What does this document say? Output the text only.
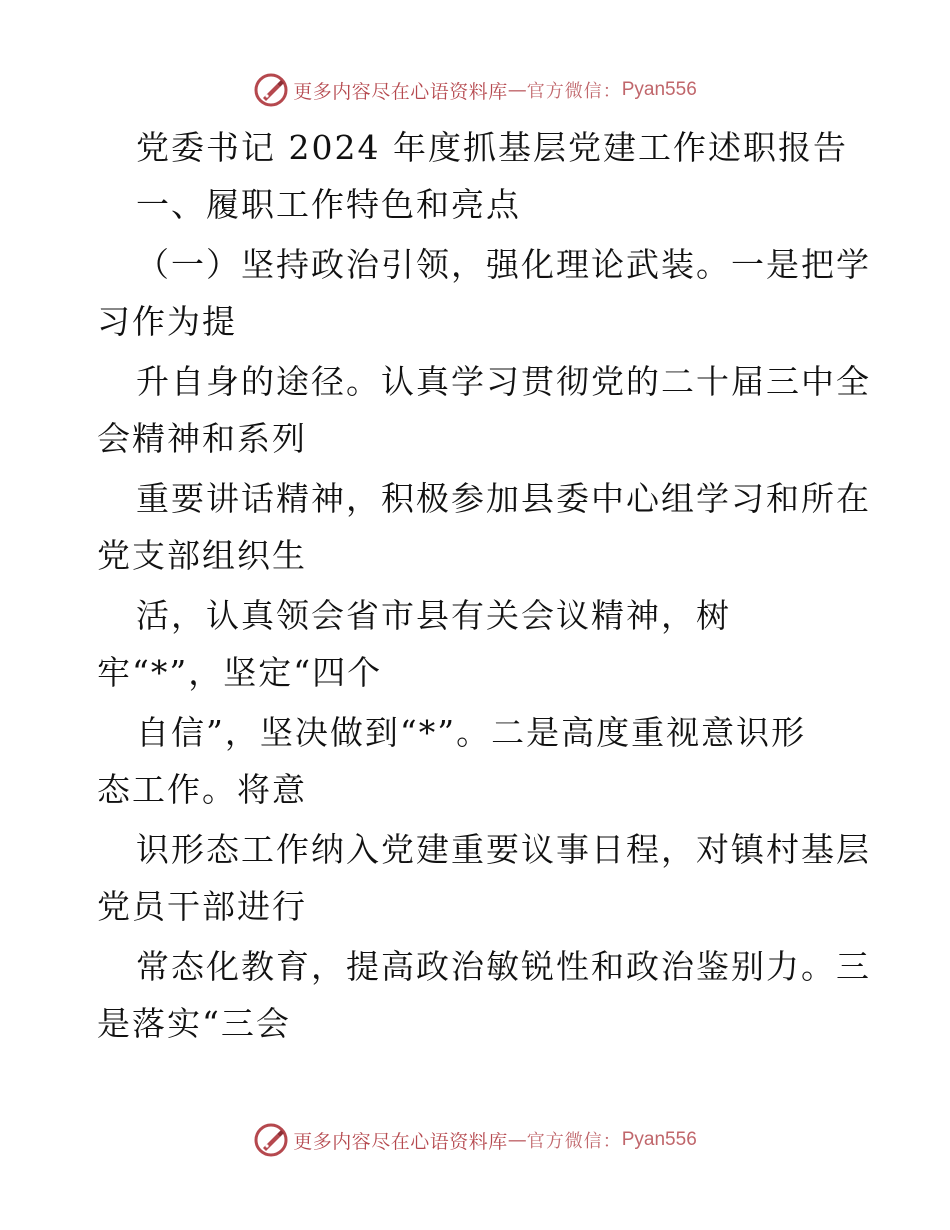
更多内容尽在心语资料库 — 官方微信： Pyan556
党委书记 2024 年度抓基层党建工作述职报告
一、履职工作特色和亮点
（一）坚持政治引领，强化理论武装。一是把学
习作为提
升自身的途径。认真学习贯彻党的二十届三中全
会精神和系列
重要讲话精神，积极参加县委中心组学习和所在
党支部组织生
活，认真领会省市县有关会议精神，树
牢“*”，坚定“四个
自信”，坚决做到“*”。二是高度重视意识形
态工作。将意
识形态工作纳入党建重要议事日程，对镇村基层
党员干部进行
常态化教育，提高政治敏锐性和政治鉴别力。三
是落实“三会
更多内容尽在心语资料库 — 官方微信： Pyan556
